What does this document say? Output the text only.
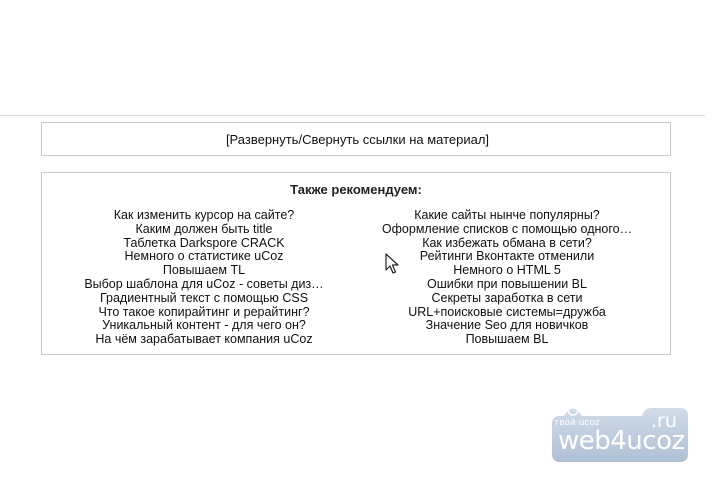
[Развернуть/Свернуть ссылки на материал]
Также рекомендуем:
Как изменить курсор на сайте?
Каким должен быть title
Таблетка Darkspore CRACK
Немного о статистике uCoz
Повышаем TL
Выбор шаблона для uCoz - советы диз…
Градиентный текст с помощью CSS
Что такое копирайтинг и рерайтинг?
Уникальный контент - для чего он?
На чём зарабатывает компания uCoz
Какие сайты нынче популярны?
Оформление списков с помощью одного…
Как избежать обмана в сети?
Рейтинги Вконтакте отменили
Немного о HTML 5
Ошибки при повышении BL
Секреты заработка в сети
URL+поисковые системы=дружба
Значение Seo для новичков
Повышаем BL
твой ucoz	.ru
web4ucoz
